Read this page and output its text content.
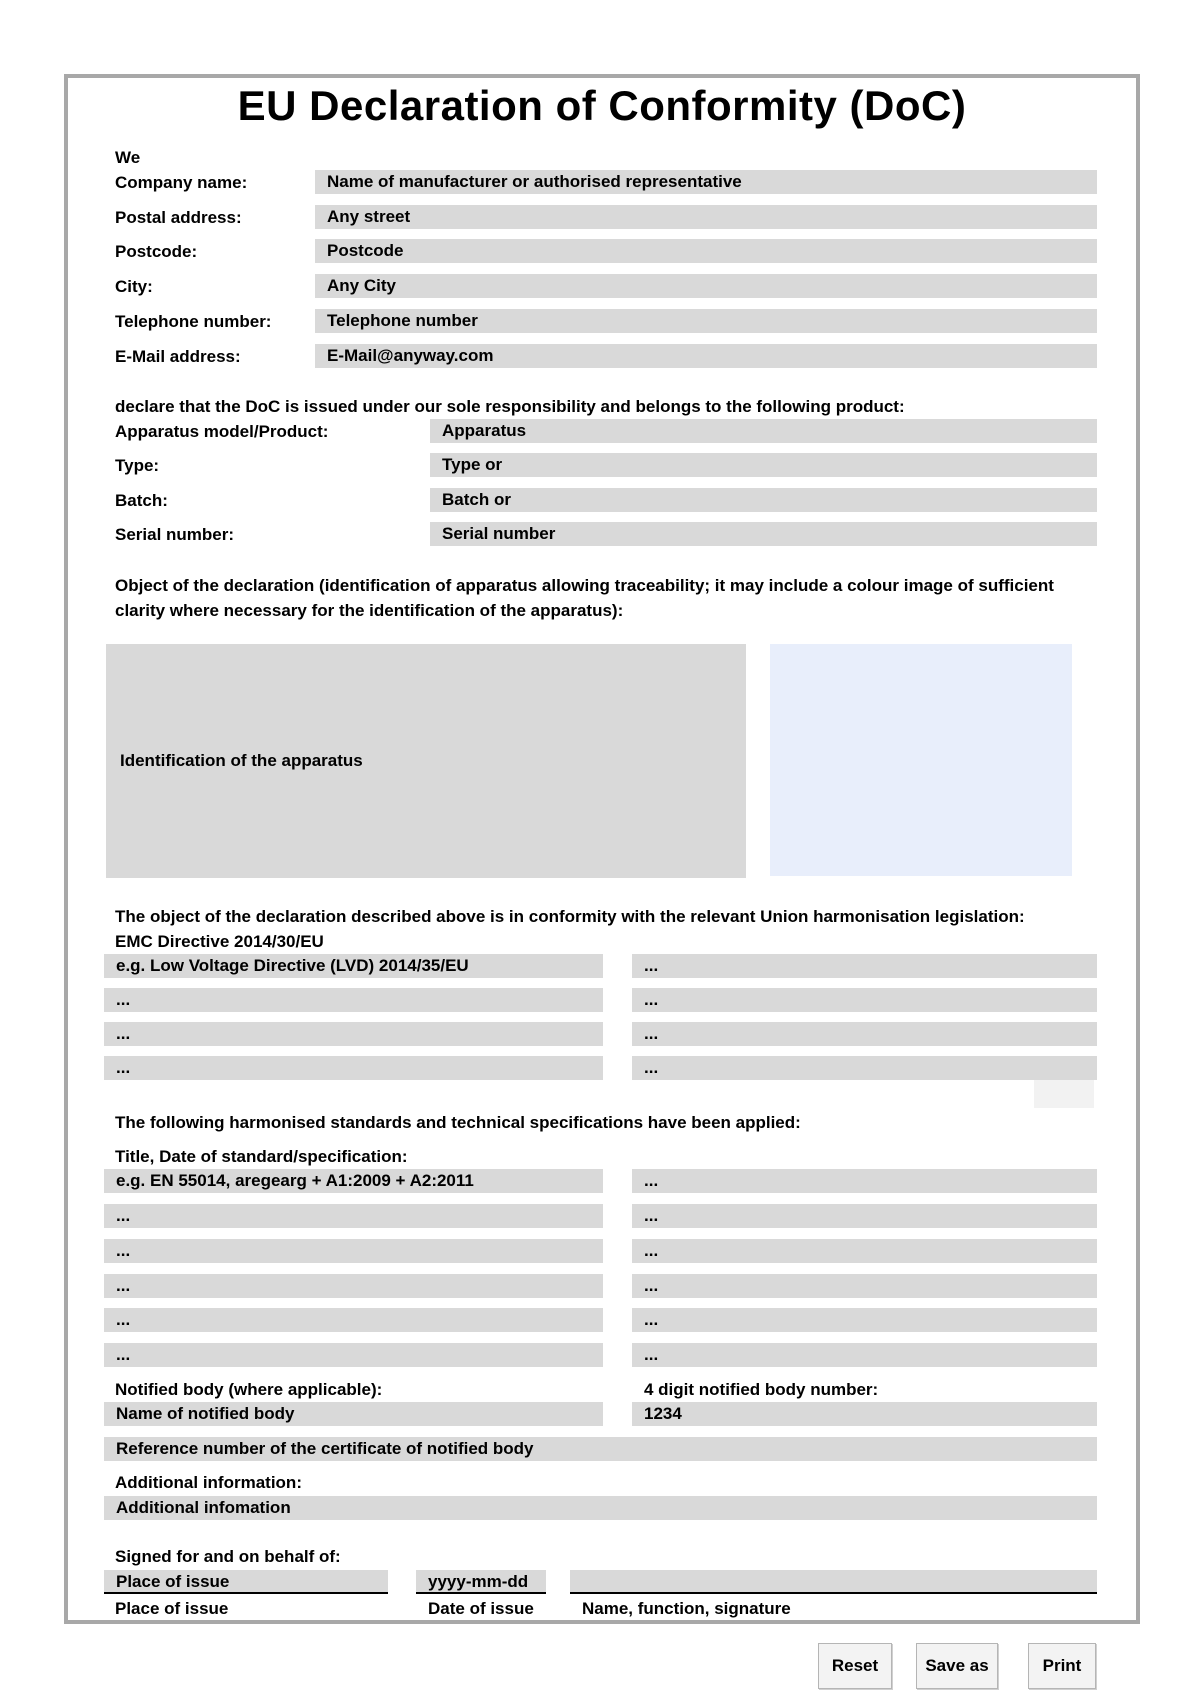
EU Declaration of Conformity (DoC)
We
Company name:	Name of manufacturer or authorised representative
Postal address:	Any street
Postcode:	Postcode
City:	Any City
Telephone number:	Telephone number
E-Mail address:	E-Mail@anyway.com
declare that the DoC is issued under our sole responsibility and belongs to the following product:
Apparatus model/Product:	Apparatus
Type:	Type or
Batch:	Batch or
Serial number:	Serial number
Object of the declaration (identification of apparatus allowing traceability; it may include a colour image of sufficient clarity where necessary for the identification of the apparatus):
Identification of the apparatus
The object of the declaration described above is in conformity with the relevant Union harmonisation legislation:
EMC Directive 2014/30/EU
e.g. Low Voltage Directive (LVD) 2014/35/EU	...
...	...
...	...
...	...
The following harmonised standards and technical specifications have been applied:
Title, Date of standard/specification:
e.g. EN 55014, aregearg + A1:2009 + A2:2011	...
...	...
...	...
...	...
...	...
...	...
Notified body (where applicable):	4 digit notified body number:
Name of notified body	1234
Reference number of the certificate of notified body
Additional information:
Additional infomation
Signed for and on behalf of:
Place of issue	yyyy-mm-dd
Place of issue	Date of issue	Name, function, signature
Reset	Save as	Print
